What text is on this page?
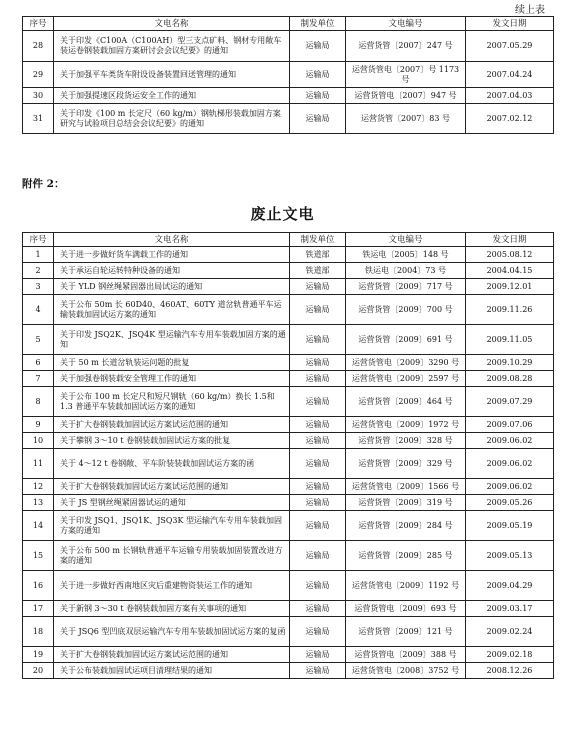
续上表
序号	文电名称	制发单位	文电编号	发文日期
28	关于印发《C100A（C100AH）型三支点矿料、钢材专用敞车装运卷钢装载加固方案研讨会会议纪要》的通知	运输局	运营货管〔2007〕247 号	2007.05.29
29	关于加强平车类货车附设设备装置回送管理的通知	运输局	运营货管电〔2007〕号 1173 号	2007.04.24
30	关于加强提速区段货运安全工作的通知	运输局	运营货管电〔2007〕947 号	2007.04.03
31	关于印发《100 m 长定尺（60 kg/m）钢轨梯形装载加固方案研究与试验项目总结会会议纪要》的通知	运输局	运营货管〔2007〕83 号	2007.02.12
附件 2：
废止文电
序号	文电名称	制发单位	文电编号	发文日期
1	关于进一步做好货车满载工作的通知	铁道部	铁运电〔2005〕148 号	2005.08.12
2	关于承运自轮运转特种设备的通知	铁道部	铁运电〔2004〕73 号	2004.04.15
3	关于 YLD 钢丝绳紧固器出局试运的通知	运输局	运营货管〔2009〕717 号	2009.12.01
4	关于公布 50m 长 60D40、460AT、60TY 道岔轨普通平车运输装载加固试运方案的通知	运输局	运营货管〔2009〕700 号	2009.11.26
5	关于印发 JSQ2K、JSQ4K 型运输汽车专用车装载加固方案的通知	运输局	运营货管〔2009〕691 号	2009.11.05
6	关于 50 m 长道岔轨装运问题的批复	运输局	运营货管电〔2009〕3290 号	2009.10.29
7	关于加强卷钢装载安全管理工作的通知	运输局	运营货管电〔2009〕2597 号	2009.08.28
8	关于公布 100 m 长定尺和短尺钢轨（60 kg/m）换长 1.5和1.3 普通平车装载加固试运方案的通知	运输局	运营货管〔2009〕464 号	2009.07.29
9	关于扩大卷钢装载加固试运方案试运范围的通知	运输局	运营货管电〔2009〕1972 号	2009.07.06
10	关于攀钢 3～10 t 卷钢装载加固试运方案的批复	运输局	运营货管〔2009〕328 号	2009.06.02
11	关于 4～12 t 卷钢敞、平车阶装装载加固试运方案的函	运输局	运营货管〔2009〕329 号	2009.06.02
12	关于扩大卷钢装载加固试运方案试运范围的通知	运输局	运营货管电〔2009〕1566 号	2009.06.02
13	关于 JS 型钢丝绳紧固器试运的通知	运输局	运营货管〔2009〕319 号	2009.05.26
14	关于印发 JSQ1、JSQ1K、JSQ3K 型运输汽车专用车装载加固方案的通知	运输局	运营货管〔2009〕284 号	2009.05.19
15	关于公布 500 m 长钢轨普通平车运输专用装载加固装置改进方案的通知	运输局	运营货管〔2009〕285 号	2009.05.13
16	关于进一步做好西南地区灾后重建物资装运工作的通知	运输局	运营货管电〔2009〕1192 号	2009.04.29
17	关于新钢 3～30 t 卷钢装载加固方案有关事项的通知	运输局	运营货管电〔2009〕693 号	2009.03.17
18	关于 JSQ6 型凹底双层运输汽车专用车装载加固试运方案的复函	运输局	运营货管〔2009〕121 号	2009.02.24
19	关于扩大卷钢装载加固试运方案试运范围的通知	运输局	运营货管电〔2009〕388 号	2009.02.18
20	关于公布装载加固试运项目清理结果的通知	运输局	运营货管电〔2008〕3752 号	2008.12.26
